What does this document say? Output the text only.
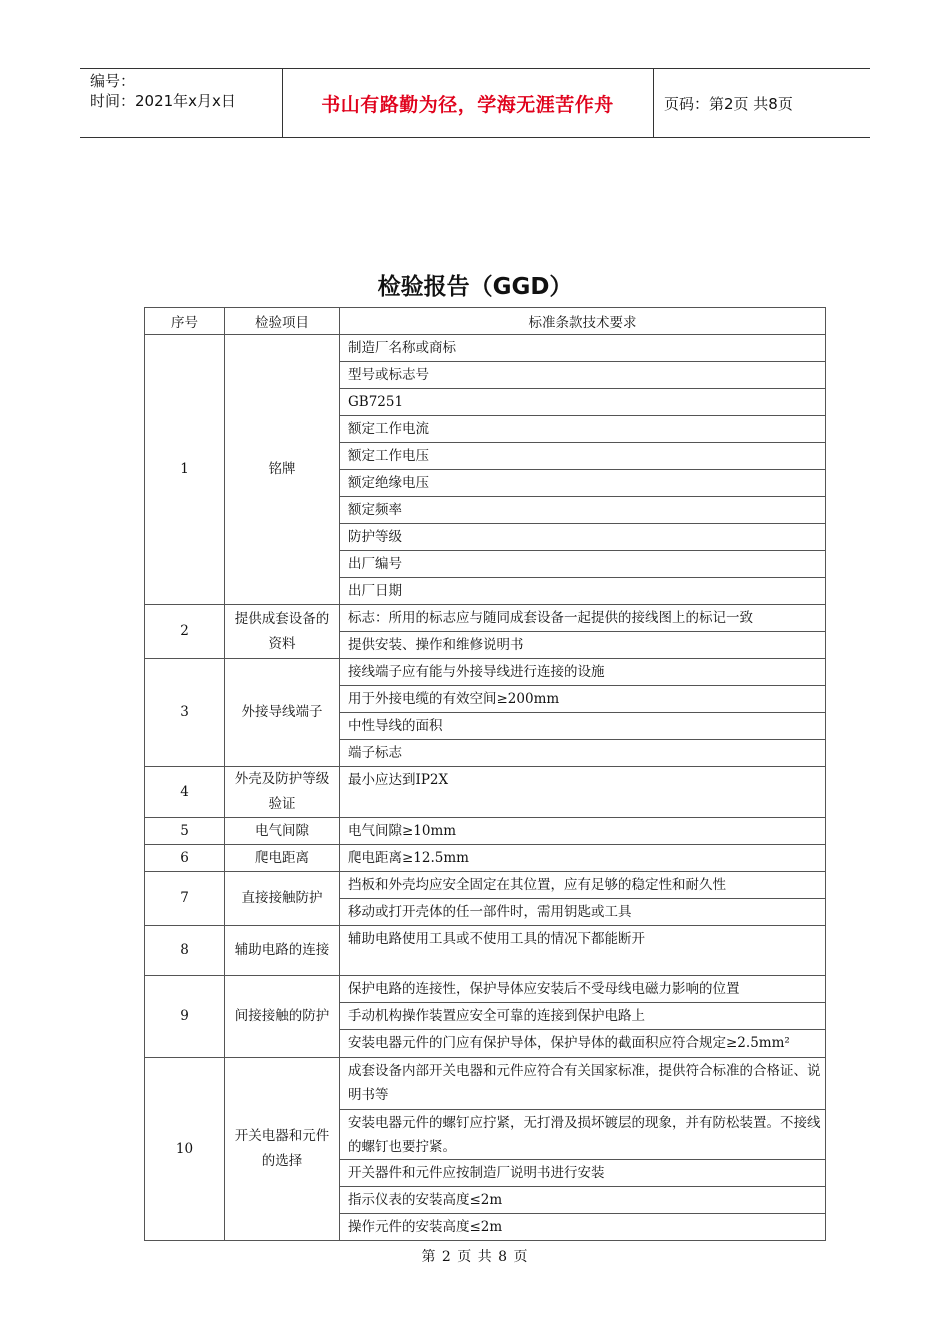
编号：
时间：2021年x月x日	书山有路勤为径，学海无涯苦作舟	页码：第2页 共8页
检验报告（GGD）
序号	检验项目	标准条款技术要求
1	铭牌	制造厂名称或商标
		型号或标志号
		GB7251
		额定工作电流
		额定工作电压
		额定绝缘电压
		额定频率
		防护等级
		出厂编号
		出厂日期
2	提供成套设备的资料	标志：所用的标志应与随同成套设备一起提供的接线图上的标记一致
		提供安装、操作和维修说明书
3	外接导线端子	接线端子应有能与外接导线进行连接的设施
		用于外接电缆的有效空间≥200mm
		中性导线的面积
		端子标志
4	外壳及防护等级验证	最小应达到IP2X
5	电气间隙	电气间隙≥10mm
6	爬电距离	爬电距离≥12.5mm
7	直接接触防护	挡板和外壳均应安全固定在其位置，应有足够的稳定性和耐久性
		移动或打开壳体的任一部件时，需用钥匙或工具
8	辅助电路的连接	辅助电路使用工具或不使用工具的情况下都能断开
9	间接接触的防护	保护电路的连接性，保护导体应安装后不受母线电磁力影响的位置
		手动机构操作装置应安全可靠的连接到保护电路上
		安装电器元件的门应有保护导体，保护导体的截面积应符合规定≥2.5mm²
10	开关电器和元件的选择	成套设备内部开关电器和元件应符合有关国家标准，提供符合标准的合格证、说明书等
		安装电器元件的螺钉应拧紧，无打滑及损坏镀层的现象，并有防松装置。不接线的螺钉也要拧紧。
		开关器件和元件应按制造厂说明书进行安装
		指示仪表的安装高度≤2m
		操作元件的安装高度≤2m
第 2 页 共 8 页
